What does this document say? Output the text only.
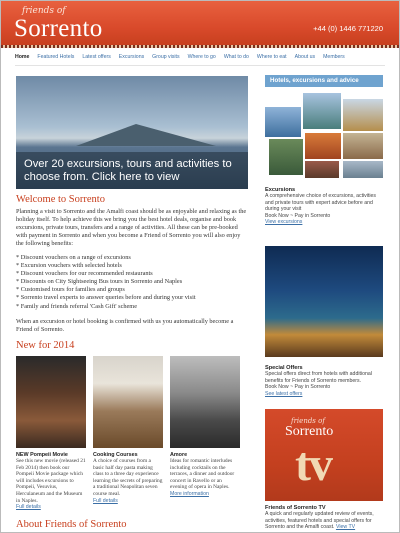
friends of
Sorrento	+44 (0) 1446 771220
Home Featured Hotels Latest offers Excursions Group visits Where to go What to do Where to eat About us Members
Over 20 excursions, tours and activities to choose from. Click here to view
Welcome to Sorrento

Planning a visit to Sorrento and the Amalfi coast should be as enjoyable and relaxing as the holiday itself. To help achieve this we bring you the best hotel deals, organise and book excursions, private tours, transfers and a range of activities. All these can be pre-booked with payment in Sorrento and when you become a Friend of Sorrento you will also enjoy the following benefits:

* Discount vouchers on a range of excursions
* Excursion vouchers with selected hotels
* Discount vouchers for our recommended restaurants
* Discounts on City Sightseeing Bus tours in Sorrento and Naples
* Customised tours for families and groups
* Sorrento travel experts to answer queries before and during your visit
* Family and friends referral 'Cash Gift' scheme

When an excursion or hotel booking is confirmed with us you automatically become a Friend of Sorrento.

New for 2014
NEW Pompeii Movie
See this new movie (released 21 Feb 2014) then book our Pompeii Movie package which will includes excursions to Pompeii, Vesuvius, Herculaneum and the Museum in Naples.
Full details
Cooking Courses
A choice of courses from a basic half day pasta making class to a three day experience learning the secrets of preparing a traditional Neapolitan seven course meal.
Full details
Amore
Ideas for romantic interludes including cocktails on the terraces, a dinner and outdoor concert in Ravello or an evening of opera in Naples.
More information
About Friends of Sorrento
Hotels, excursions and advice
Excursions
A comprehensive choice of excursions, activities and private tours with expert advice before and during your visit
Book Now ~ Pay in Sorrento
View excursions
Special Offers
Special offers direct from hotels with additional benefits for Friends of Sorrento members.
Book Now ~ Pay in Sorrento
See latest offers
friends of
Sorrento
tv
Friends of Sorrento TV
A quick and regularly updated review of events, activities, featured hotels and special offers for Sorrento and the Amalfi coast. View TV
